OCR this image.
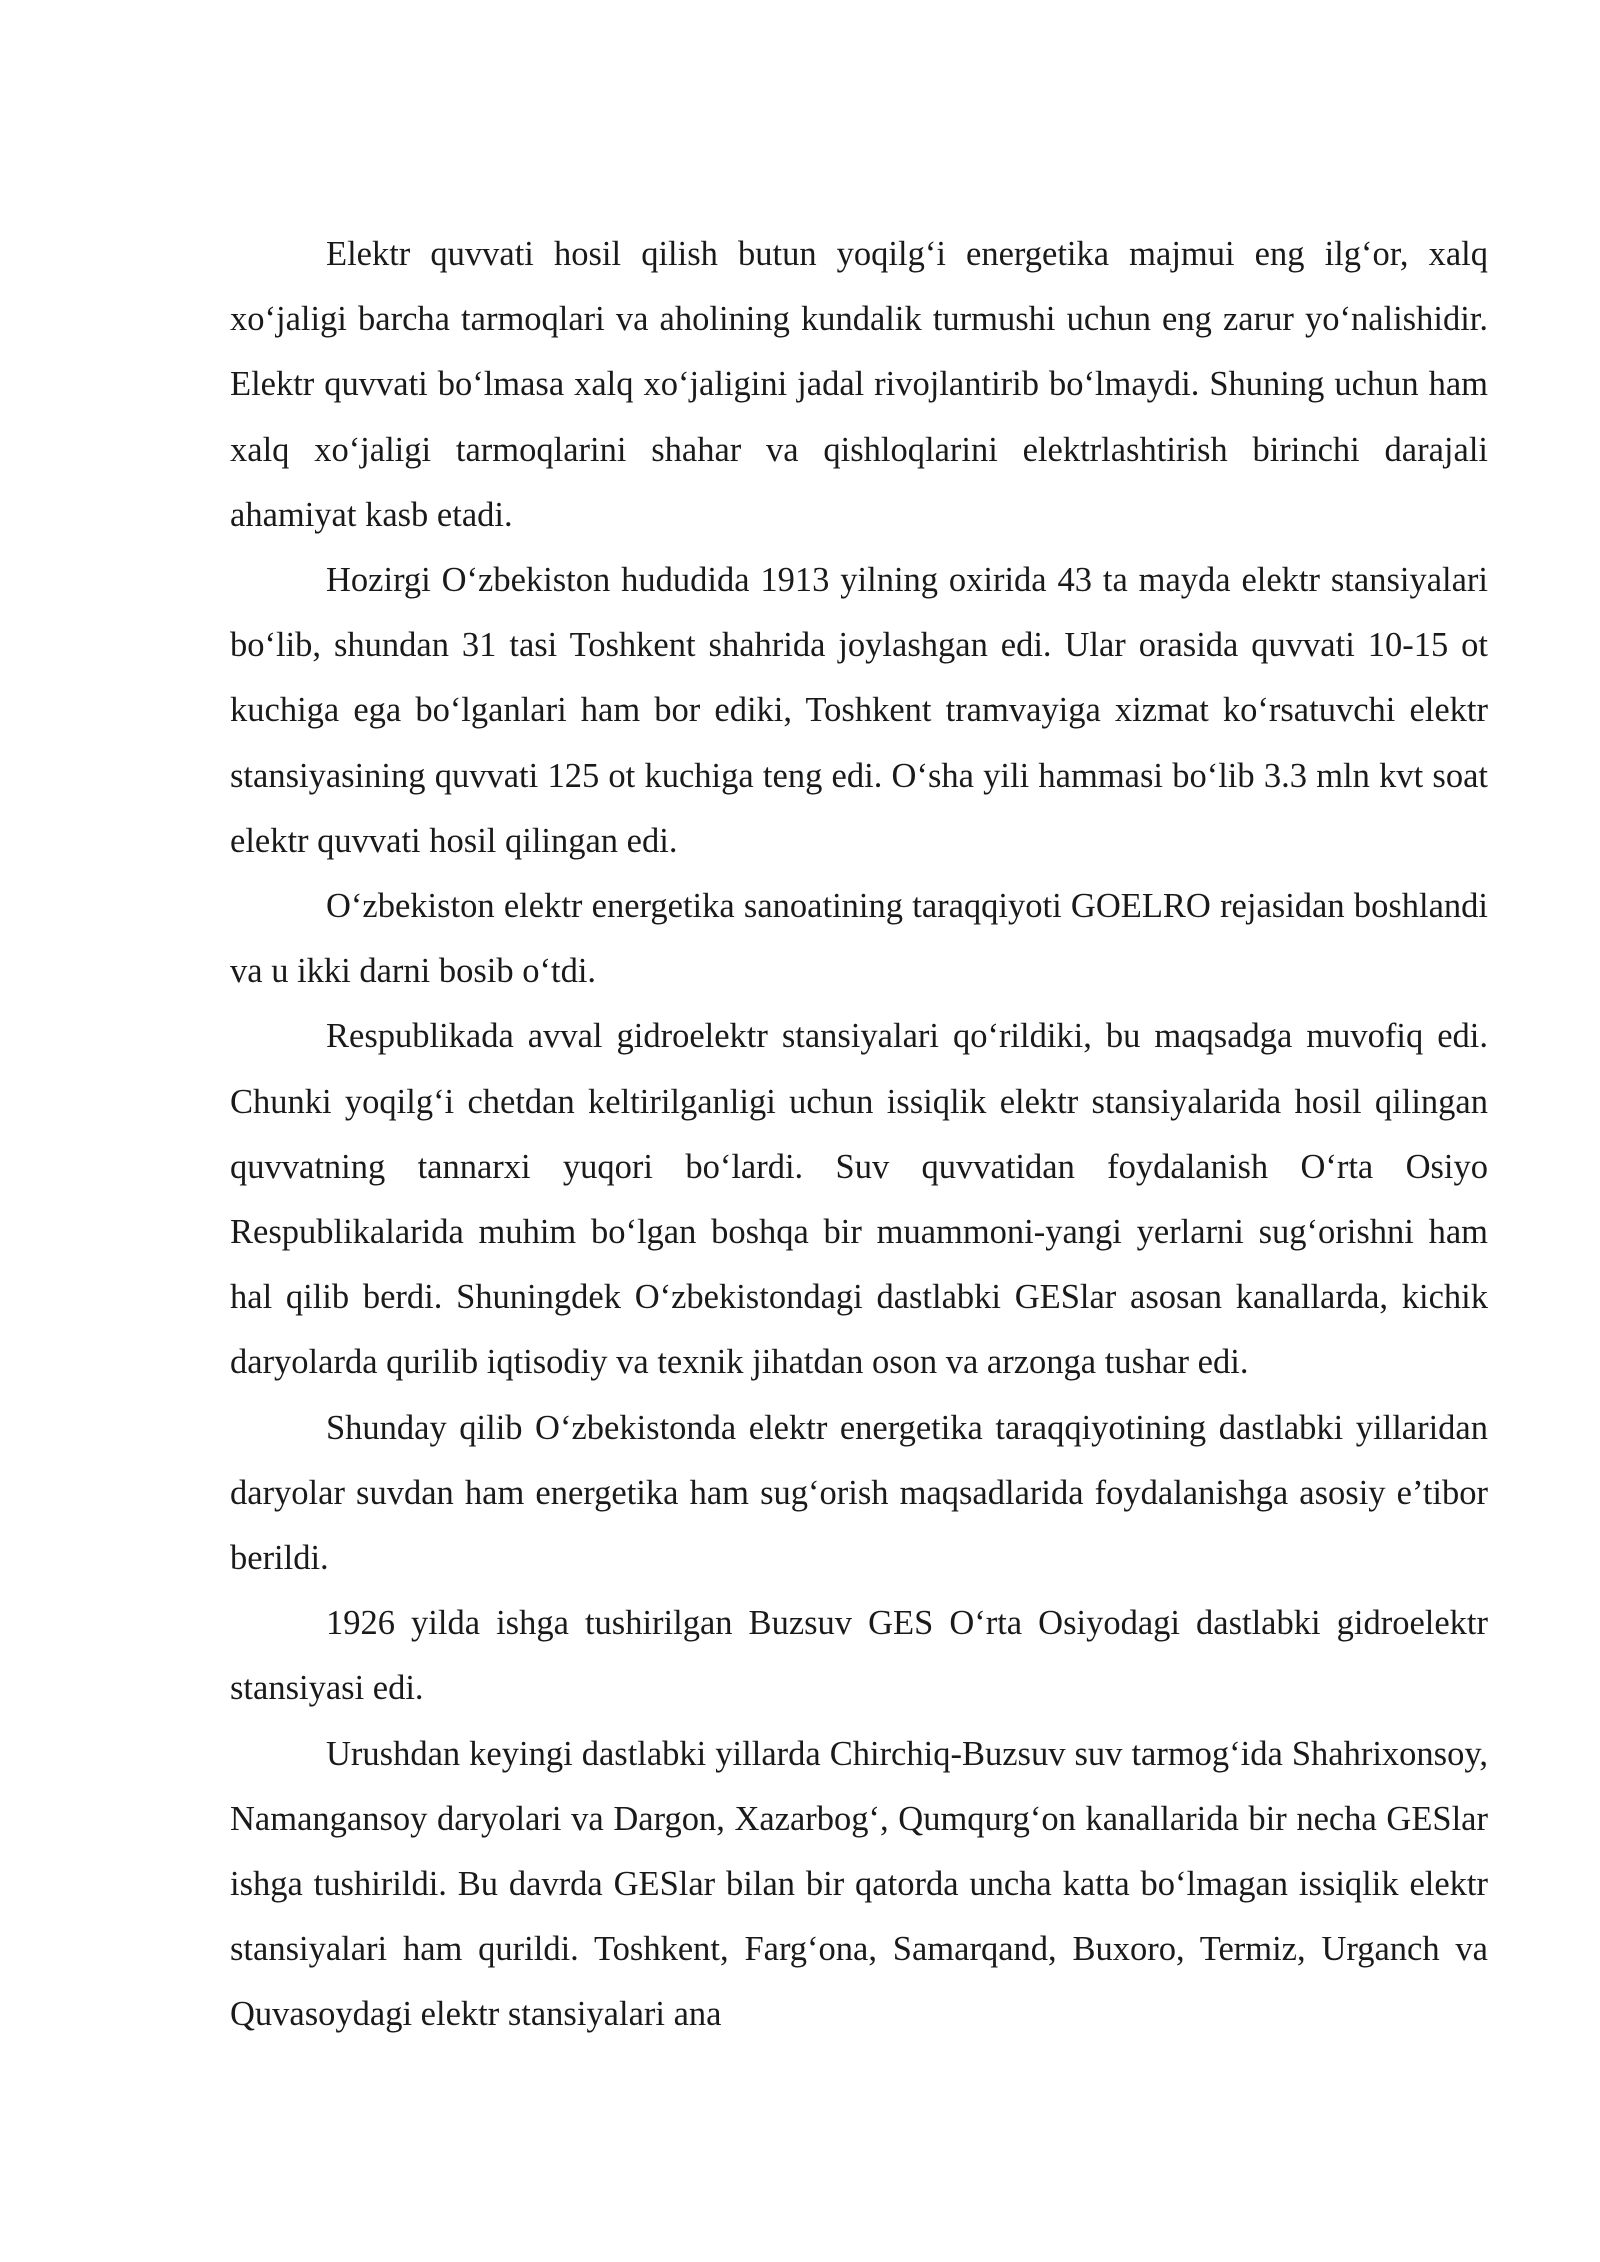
Elektr quvvati hosil qilish butun yoqilg‘i energetika majmui eng ilg‘or, xalq xo‘jaligi barcha tarmoqlari va aholining kundalik turmushi uchun eng zarur yo‘nalishidir. Elektr quvvati bo‘lmasa xalq xo‘jaligini jadal rivojlantirib bo‘lmaydi. Shuning uchun ham xalq xo‘jaligi tarmoqlarini shahar va qishloqlarini elektrlashtirish birinchi darajali ahamiyat kasb etadi.

Hozirgi O‘zbekiston hududida 1913 yilning oxirida 43 ta mayda elektr stansiyalari bo‘lib, shundan 31 tasi Toshkent shahrida joylashgan edi. Ular orasida quvvati 10-15 ot kuchiga ega bo‘lganlari ham bor ediki, Toshkent tramvayiga xizmat ko‘rsatuvchi elektr stansiyasining quvvati 125 ot kuchiga teng edi. O‘sha yili hammasi bo‘lib 3.3 mln kvt soat elektr quvvati hosil qilingan edi.

O‘zbekiston elektr energetika sanoatining taraqqiyoti GOELRO rejasidan boshlandi va u ikki darni bosib o‘tdi.

Respublikada avval gidroelektr stansiyalari qo‘rildiki, bu maqsadga muvofiq edi. Chunki yoqilg‘i chetdan keltirilganligi uchun issiqlik elektr stansiyalarida hosil qilingan quvvatning tannarxi yuqori bo‘lardi. Suv quvvatidan foydalanish O‘rta Osiyo Respublikalarida muhim bo‘lgan boshqa bir muammoni-yangi yerlarni sug‘orishni ham hal qilib berdi. Shuningdek O‘zbekistondagi dastlabki GESlar asosan kanallarda, kichik daryolarda qurilib iqtisodiy va texnik jihatdan oson va arzonga tushar edi.

Shunday qilib O‘zbekistonda elektr energetika taraqqiyotining dastlabki yillaridan daryolar suvdan ham energetika ham sug‘orish maqsadlarida foydalanishga asosiy e’tibor berildi.

1926 yilda ishga tushirilgan Buzsuv GES O‘rta Osiyodagi dastlabki gidroelektr stansiyasi edi.

Urushdan keyingi dastlabki yillarda Chirchiq-Buzsuv suv tarmog‘ida Shahrixonsoy, Namangansoy daryolari va Dargon, Xazarbog‘, Qumqurg‘on kanallarida bir necha GESlar ishga tushirildi. Bu davrda GESlar bilan bir qatorda uncha katta bo‘lmagan issiqlik elektr stansiyalari ham qurildi. Toshkent, Farg‘ona, Samarqand, Buxoro, Termiz, Urganch va Quvasoydagi elektr stansiyalari ana
